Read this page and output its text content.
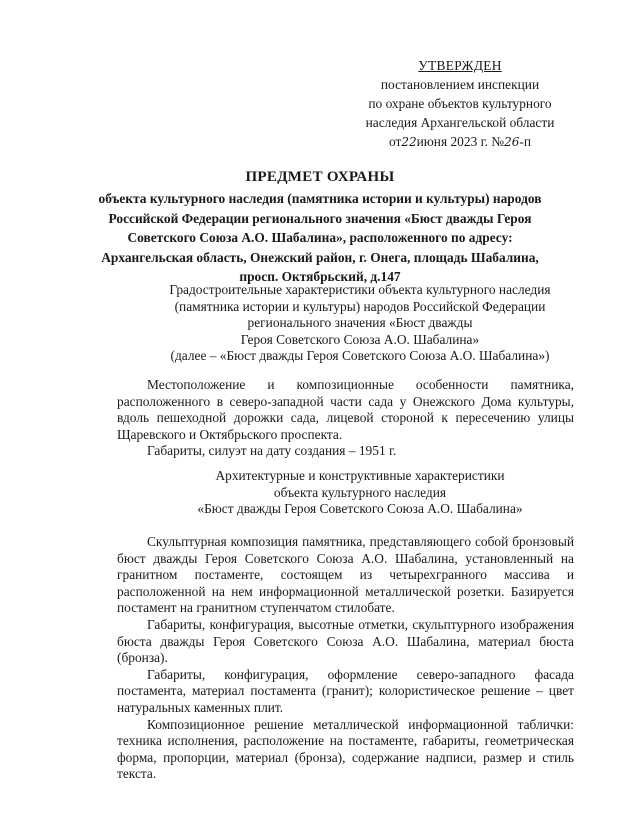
УТВЕРЖДЕН
постановлением инспекции
по охране объектов культурного
наследия Архангельской области
от22июня 2023 г. №26-п
ПРЕДМЕТ ОХРАНЫ
объекта культурного наследия (памятника истории и культуры) народов
Российской Федерации регионального значения «Бюст дважды Героя
Советского Союза А.О. Шабалина», расположенного по адресу:
Архангельская область, Онежский район, г. Онега, площадь Шабалина,
просп. Октябрьский, д.147
Градостроительные характеристики объекта культурного наследия
(памятника истории и культуры) народов Российской Федерации
регионального значения «Бюст дважды
Героя Советского Союза А.О. Шабалина»
(далее – «Бюст дважды Героя Советского Союза А.О. Шабалина»)

Местоположение и композиционные особенности памятника, расположенного в северо-западной части сада у Онежского Дома культуры, вдоль пешеходной дорожки сада, лицевой стороной к пересечению улицы Щаревского и Октябрьского проспекта.

Габариты, силуэт на дату создания – 1951 г.

Архитектурные и конструктивные характеристики
объекта культурного наследия
«Бюст дважды Героя Советского Союза А.О. Шабалина»

Скульптурная композиция памятника, представляющего собой бронзовый бюст дважды Героя Советского Союза А.О. Шабалина, установленный на гранитном постаменте, состоящем из четырехгранного массива и расположенной на нем информационной металлической розетки. Базируется постамент на гранитном ступенчатом стилобате.

Габариты, конфигурация, высотные отметки, скульптурного изображения бюста дважды Героя Советского Союза А.О. Шабалина, материал бюста (бронза).

Габариты, конфигурация, оформление северо-западного фасада постамента, материал постамента (гранит); колористическое решение – цвет натуральных каменных плит.

Композиционное решение металлической информационной таблички: техника исполнения, расположение на постаменте, габариты, геометрическая форма, пропорции, материал (бронза), содержание надписи, размер и стиль текста.
